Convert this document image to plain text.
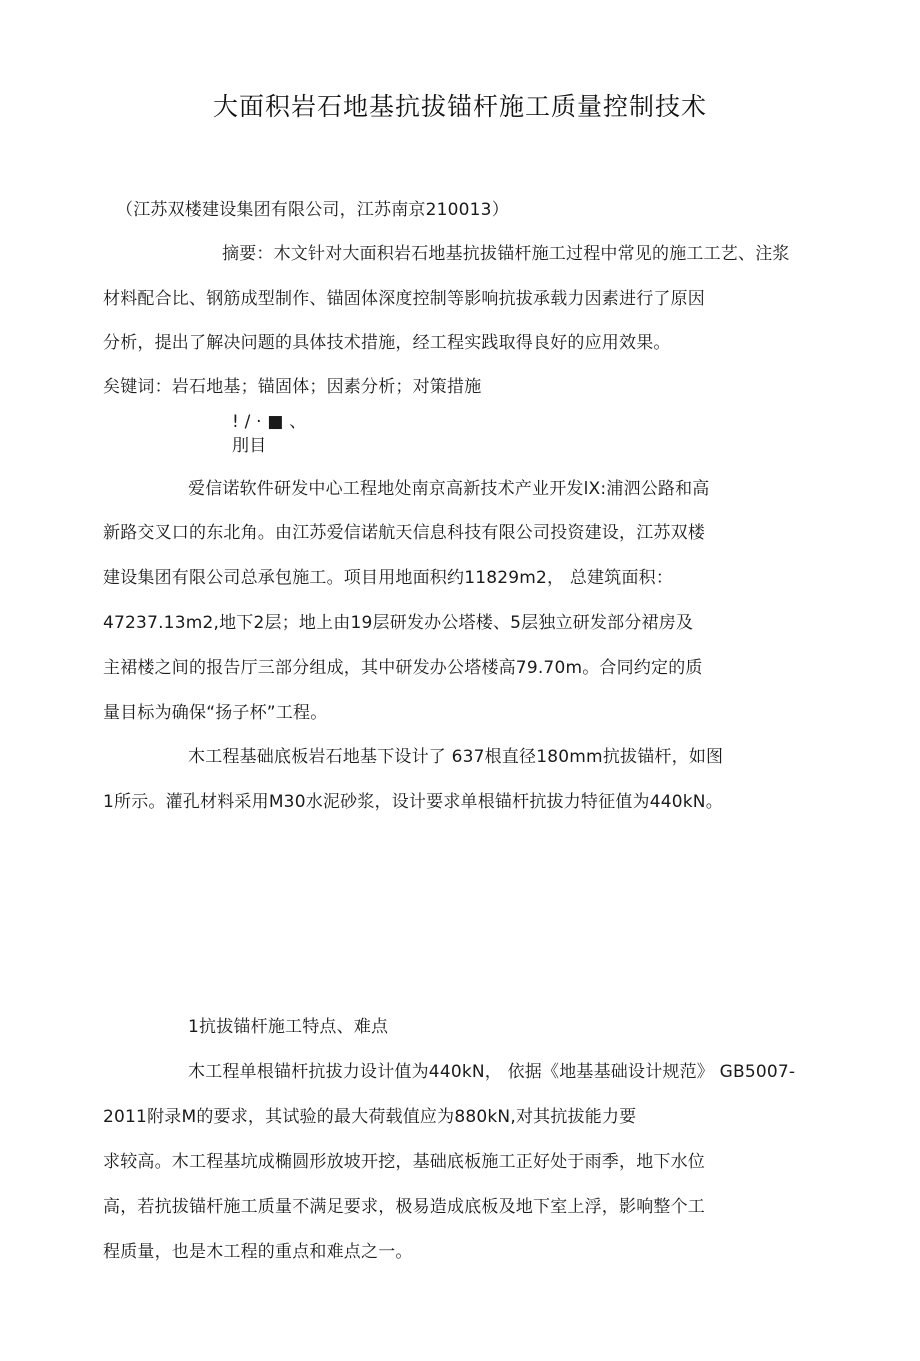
大面积岩石地基抗拔锚杆施工质量控制技术
（江苏双楼建设集团有限公司，江苏南京210013）
摘要：木文针对大面积岩石地基抗拔锚杆施工过程中常见的施工工艺、注浆
材料配合比、钢筋成型制作、锚固体深度控制等影响抗拔承载力因素进行了原因
分析，提出了解决问题的具体技术措施，经工程实践取得良好的应用效果。
矣键词：岩石地基；锚固体；因素分析；对策措施
! / · ■ 、
刖目
爱信诺软件研发中心工程地处南京高新技术产业开发lX:浦泗公路和高
新路交叉口的东北角。由江苏爱信诺航天信息科技有限公司投资建设，江苏双楼
建设集团有限公司总承包施工。项目用地面积约11829m2， 总建筑面积：
47237.13m2,地下2层；地上由19层研发办公塔楼、5层独立研发部分裙房及
主裙楼之间的报告厅三部分组成，其中研发办公塔楼高79.70m。合同约定的质
量目标为确保“扬子杯”工程。
木工程基础底板岩石地基下设计了 637根直径180mm抗拔锚杆，如图
1所示。灌孔材料采用M30水泥砂浆，设计要求单根锚杆抗拔力特征值为440kN。
1抗拔锚杆施工特点、难点
木工程单根锚杆抗拔力设计值为440kN， 依据《地基基础设计规范》 GB5007-
2011附录M的要求，其试验的最大荷载值应为880kN,对其抗拔能力要
求较高。木工程基坑成椭圆形放坡开挖，基础底板施工正好处于雨季，地下水位
高，若抗拔锚杆施工质量不满足要求，极易造成底板及地下室上浮，影响整个工
程质量，也是木工程的重点和难点之一。
